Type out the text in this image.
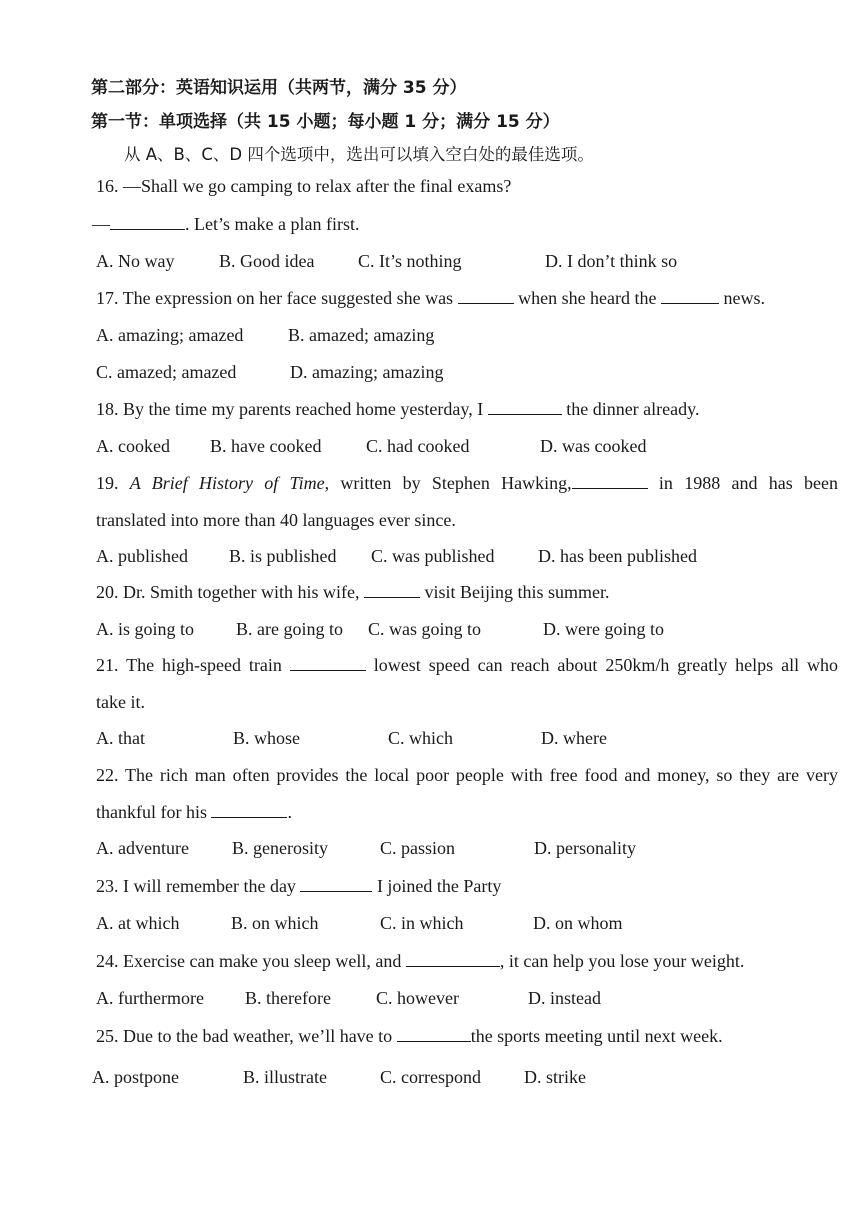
第二部分：英语知识运用（共两节，满分 35 分）
第一节：单项选择（共 15 小题；每小题 1 分；满分 15 分）
从 A、B、C、D 四个选项中，选出可以填入空白处的最佳选项。
16. —Shall we go camping to relax after the final exams?
—	. Let’s make a plan first.
A. No way B. Good idea C. It’s nothing	D. I don’t think so
17. The expression on her face suggested she was	when she heard the	news.
A. amazing; amazed B. amazed; amazing
C. amazed; amazed	D. amazing; amazing
18. By the time my parents reached home yesterday, I	the dinner already.
A. cooked B. have cooked C. had cooked	D. was cooked
19. A Brief History of Time, written by Stephen Hawking,	in 1988 and has been
translated into more than 40 languages ever since.
A. published B. is published C. was published D. has been published
20. Dr. Smith together with his wife,	visit Beijing this summer.
A. is going to B. are going to C. was going to	D. were going to
21. The high-speed train	lowest speed can reach about 250km/h greatly helps all who
take it.
A. that	B. whose	C. which	D. where
22. The rich man often provides the local poor people with free food and money, so they are very
thankful for his	.
A. adventure B. generosity	C. passion	D. personality
23. I will remember the day	I joined the Party
A. at which	B. on which	C. in which	D. on whom
24. Exercise can make you sleep well, and	, it can help you lose your weight.
A. furthermore B. therefore	C. however	D. instead
25. Due to the bad weather, we’ll have to	the sports meeting until next week.
A. postpone	B. illustrate	C. correspond D. strike
